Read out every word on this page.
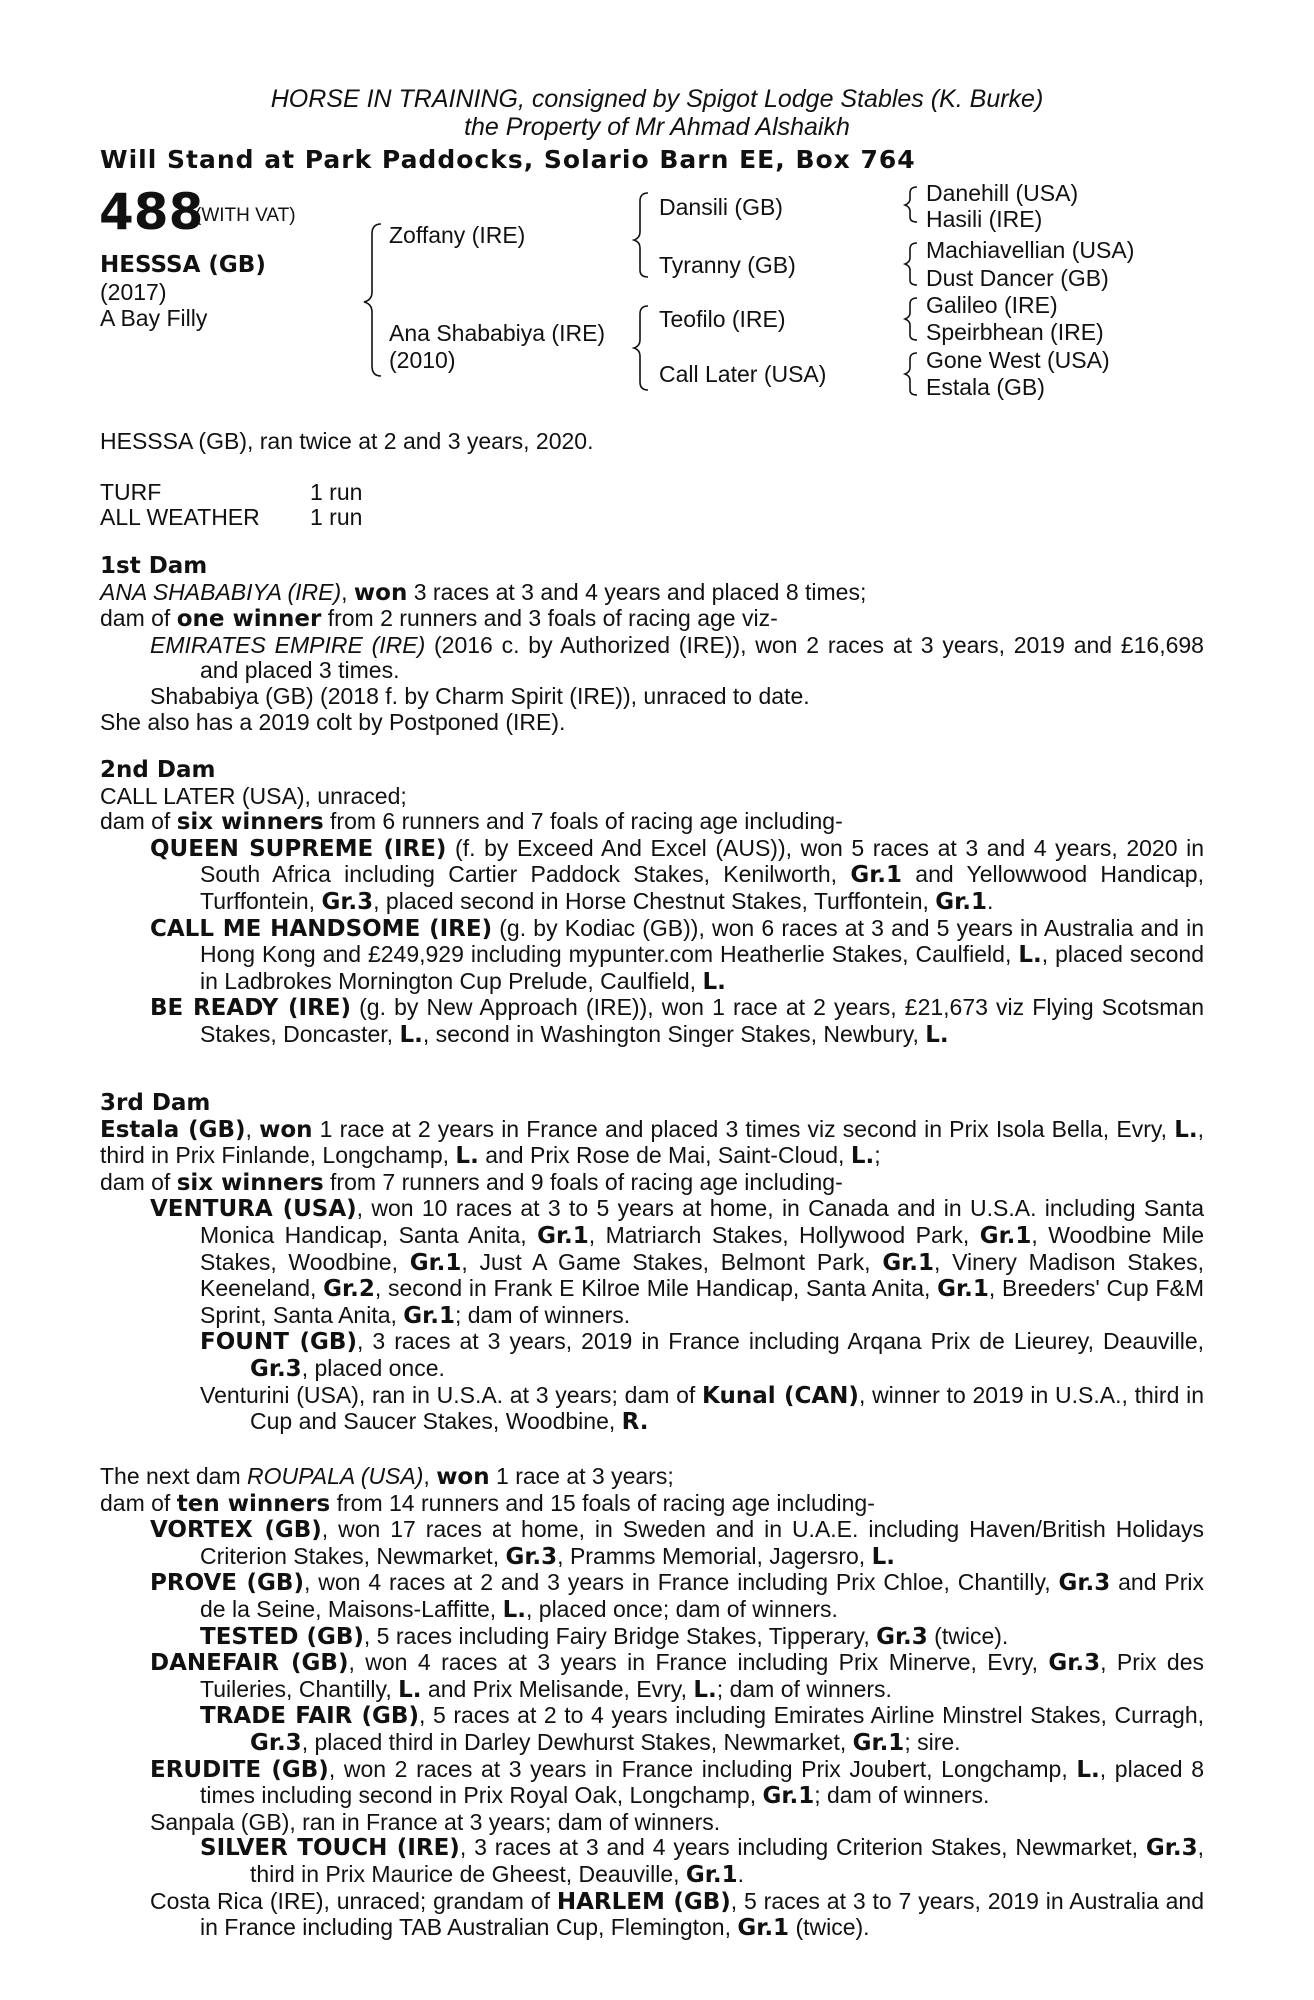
HORSE IN TRAINING, consigned by Spigot Lodge Stables (K. Burke)
the Property of Mr Ahmad Alshaikh
Will Stand at Park Paddocks, Solario Barn EE, Box 764
488
(WITH VAT)
HESSSA (GB)
(2017)
A Bay Filly
Zoffany (IRE)
Ana Shababiya (IRE)
(2010)
Dansili (GB)
Tyranny (GB)
Teofilo (IRE)
Call Later (USA)
Danehill (USA)
Hasili (IRE)
Machiavellian (USA)
Dust Dancer (GB)
Galileo (IRE)
Speirbhean (IRE)
Gone West (USA)
Estala (GB)
HESSSA (GB), ran twice at 2 and 3 years, 2020.
TURF	1 run
ALL WEATHER 1 run

1st Dam

ANA SHABABIYA (IRE), won 3 races at 3 and 4 years and placed 8 times;

dam of one winner from 2 runners and 3 foals of racing age viz-

EMIRATES EMPIRE (IRE) (2016 c. by Authorized (IRE)), won 2 races at 3 years, 2019 and £16,698 and placed 3 times.

Shababiya (GB) (2018 f. by Charm Spirit (IRE)), unraced to date.

She also has a 2019 colt by Postponed (IRE).

2nd Dam

CALL LATER (USA), unraced;

dam of six winners from 6 runners and 7 foals of racing age including-

QUEEN SUPREME (IRE) (f. by Exceed And Excel (AUS)), won 5 races at 3 and 4 years, 2020 in South Africa including Cartier Paddock Stakes, Kenilworth, Gr.1 and Yellowwood Handicap, Turffontein, Gr.3, placed second in Horse Chestnut Stakes, Turffontein, Gr.1.

CALL ME HANDSOME (IRE) (g. by Kodiac (GB)), won 6 races at 3 and 5 years in Australia and in Hong Kong and £249,929 including mypunter.com Heatherlie Stakes, Caulfield, L., placed second in Ladbrokes Mornington Cup Prelude, Caulfield, L.

BE READY (IRE) (g. by New Approach (IRE)), won 1 race at 2 years, £21,673 viz Flying Scotsman Stakes, Doncaster, L., second in Washington Singer Stakes, Newbury, L.

3rd Dam

Estala (GB), won 1 race at 2 years in France and placed 3 times viz second in Prix Isola Bella, Evry, L., third in Prix Finlande, Longchamp, L. and Prix Rose de Mai, Saint-Cloud, L.;

dam of six winners from 7 runners and 9 foals of racing age including-

VENTURA (USA), won 10 races at 3 to 5 years at home, in Canada and in U.S.A. including Santa Monica Handicap, Santa Anita, Gr.1, Matriarch Stakes, Hollywood Park, Gr.1, Woodbine Mile Stakes, Woodbine, Gr.1, Just A Game Stakes, Belmont Park, Gr.1, Vinery Madison Stakes, Keeneland, Gr.2, second in Frank E Kilroe Mile Handicap, Santa Anita, Gr.1, Breeders' Cup F&M Sprint, Santa Anita, Gr.1; dam of winners.

FOUNT (GB), 3 races at 3 years, 2019 in France including Arqana Prix de Lieurey, Deauville, Gr.3, placed once.

Venturini (USA), ran in U.S.A. at 3 years; dam of Kunal (CAN), winner to 2019 in U.S.A., third in Cup and Saucer Stakes, Woodbine, R.

The next dam ROUPALA (USA), won 1 race at 3 years;

dam of ten winners from 14 runners and 15 foals of racing age including-

VORTEX (GB), won 17 races at home, in Sweden and in U.A.E. including Haven/British Holidays Criterion Stakes, Newmarket, Gr.3, Pramms Memorial, Jagersro, L.

PROVE (GB), won 4 races at 2 and 3 years in France including Prix Chloe, Chantilly, Gr.3 and Prix de la Seine, Maisons-Laffitte, L., placed once; dam of winners.

TESTED (GB), 5 races including Fairy Bridge Stakes, Tipperary, Gr.3 (twice).

DANEFAIR (GB), won 4 races at 3 years in France including Prix Minerve, Evry, Gr.3, Prix des Tuileries, Chantilly, L. and Prix Melisande, Evry, L.; dam of winners.

TRADE FAIR (GB), 5 races at 2 to 4 years including Emirates Airline Minstrel Stakes, Curragh, Gr.3, placed third in Darley Dewhurst Stakes, Newmarket, Gr.1; sire.

ERUDITE (GB), won 2 races at 3 years in France including Prix Joubert, Longchamp, L., placed 8 times including second in Prix Royal Oak, Longchamp, Gr.1; dam of winners.

Sanpala (GB), ran in France at 3 years; dam of winners.

SILVER TOUCH (IRE), 3 races at 3 and 4 years including Criterion Stakes, Newmarket, Gr.3, third in Prix Maurice de Gheest, Deauville, Gr.1.

Costa Rica (IRE), unraced; grandam of HARLEM (GB), 5 races at 3 to 7 years, 2019 in Australia and in France including TAB Australian Cup, Flemington, Gr.1 (twice).
